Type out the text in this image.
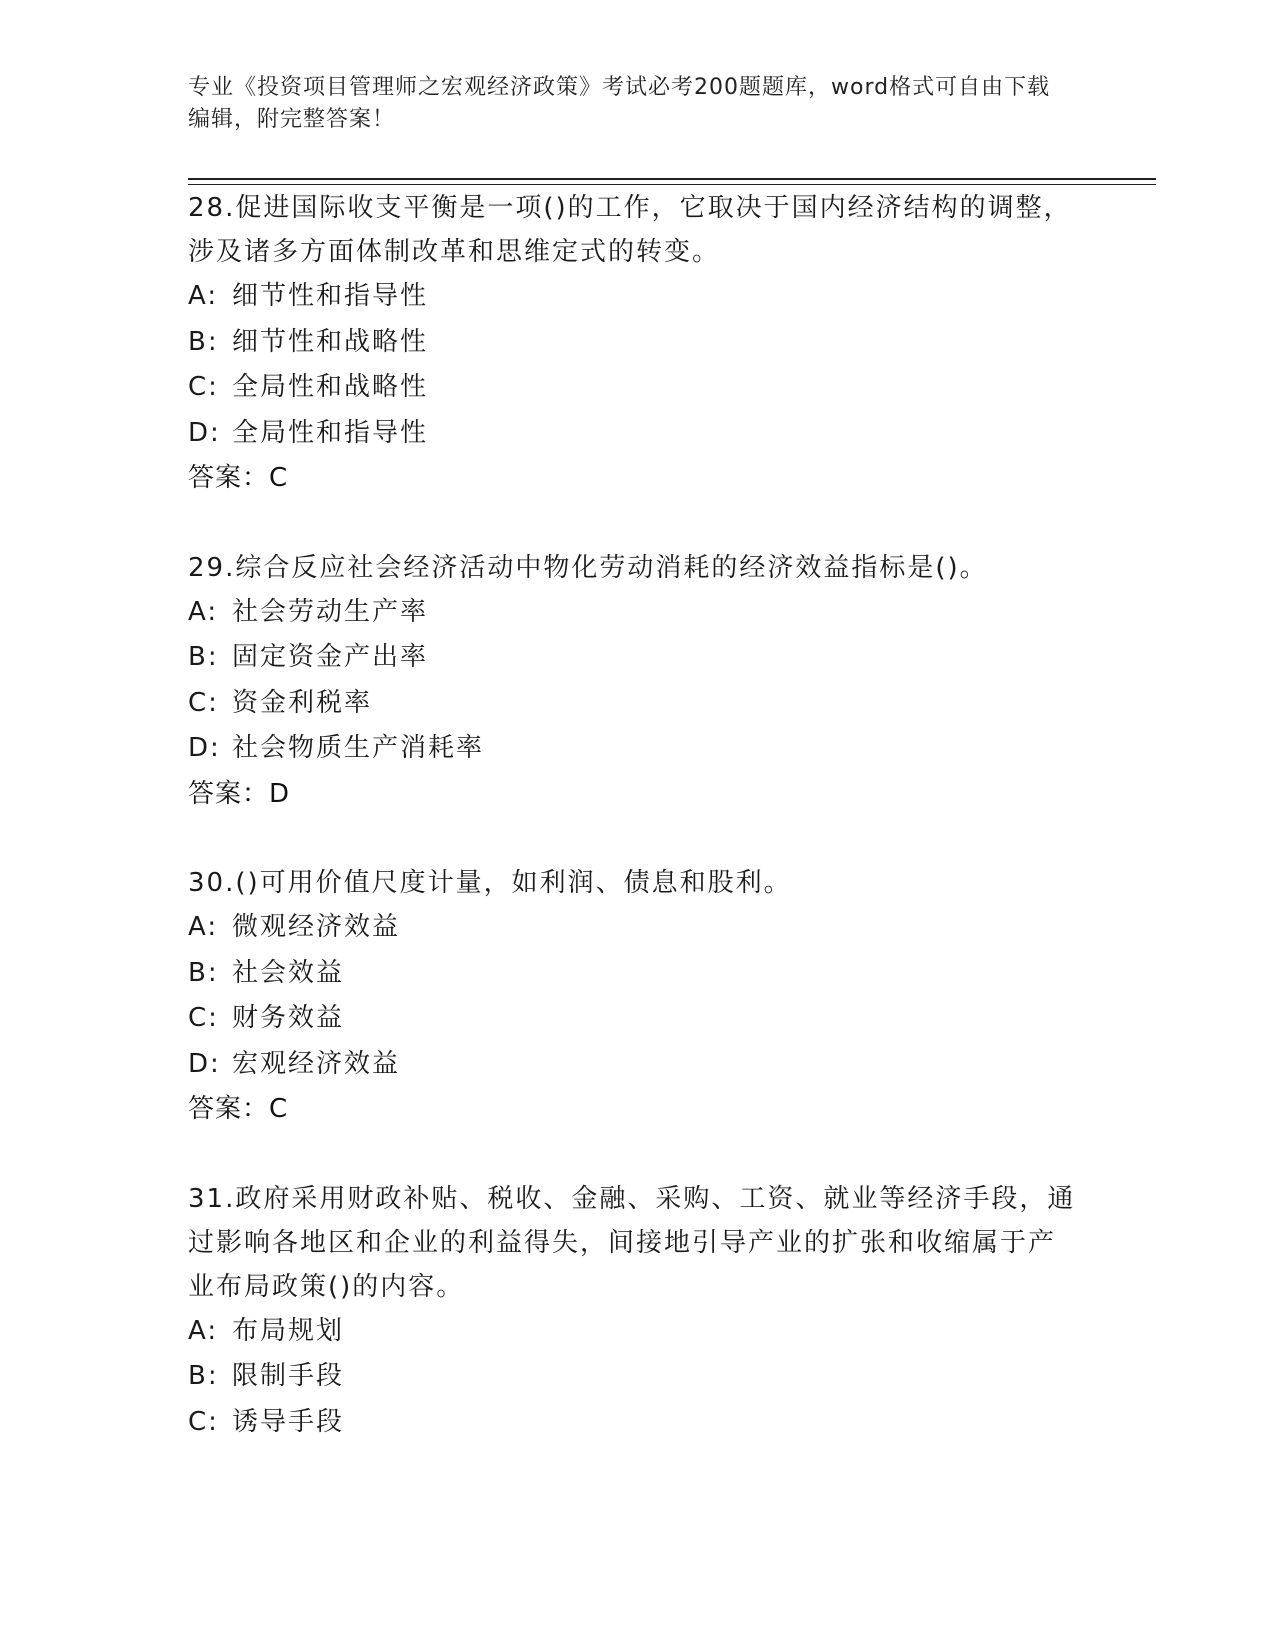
专业《投资项目管理师之宏观经济政策》考试必考200题题库，word格式可自由下载编辑，附完整答案！
28.促进国际收支平衡是一项()的工作，它取决于国内经济结构的调整，涉及诸多方面体制改革和思维定式的转变。
A: 细节性和指导性
B: 细节性和战略性
C: 全局性和战略性
D: 全局性和指导性
答案：C
29.综合反应社会经济活动中物化劳动消耗的经济效益指标是()。
A: 社会劳动生产率
B: 固定资金产出率
C: 资金利税率
D: 社会物质生产消耗率
答案：D
30.()可用价值尺度计量，如利润、债息和股利。
A: 微观经济效益
B: 社会效益
C: 财务效益
D: 宏观经济效益
答案：C
31.政府采用财政补贴、税收、金融、采购、工资、就业等经济手段，通过影响各地区和企业的利益得失，间接地引导产业的扩张和收缩属于产业布局政策()的内容。
A: 布局规划
B: 限制手段
C: 诱导手段
